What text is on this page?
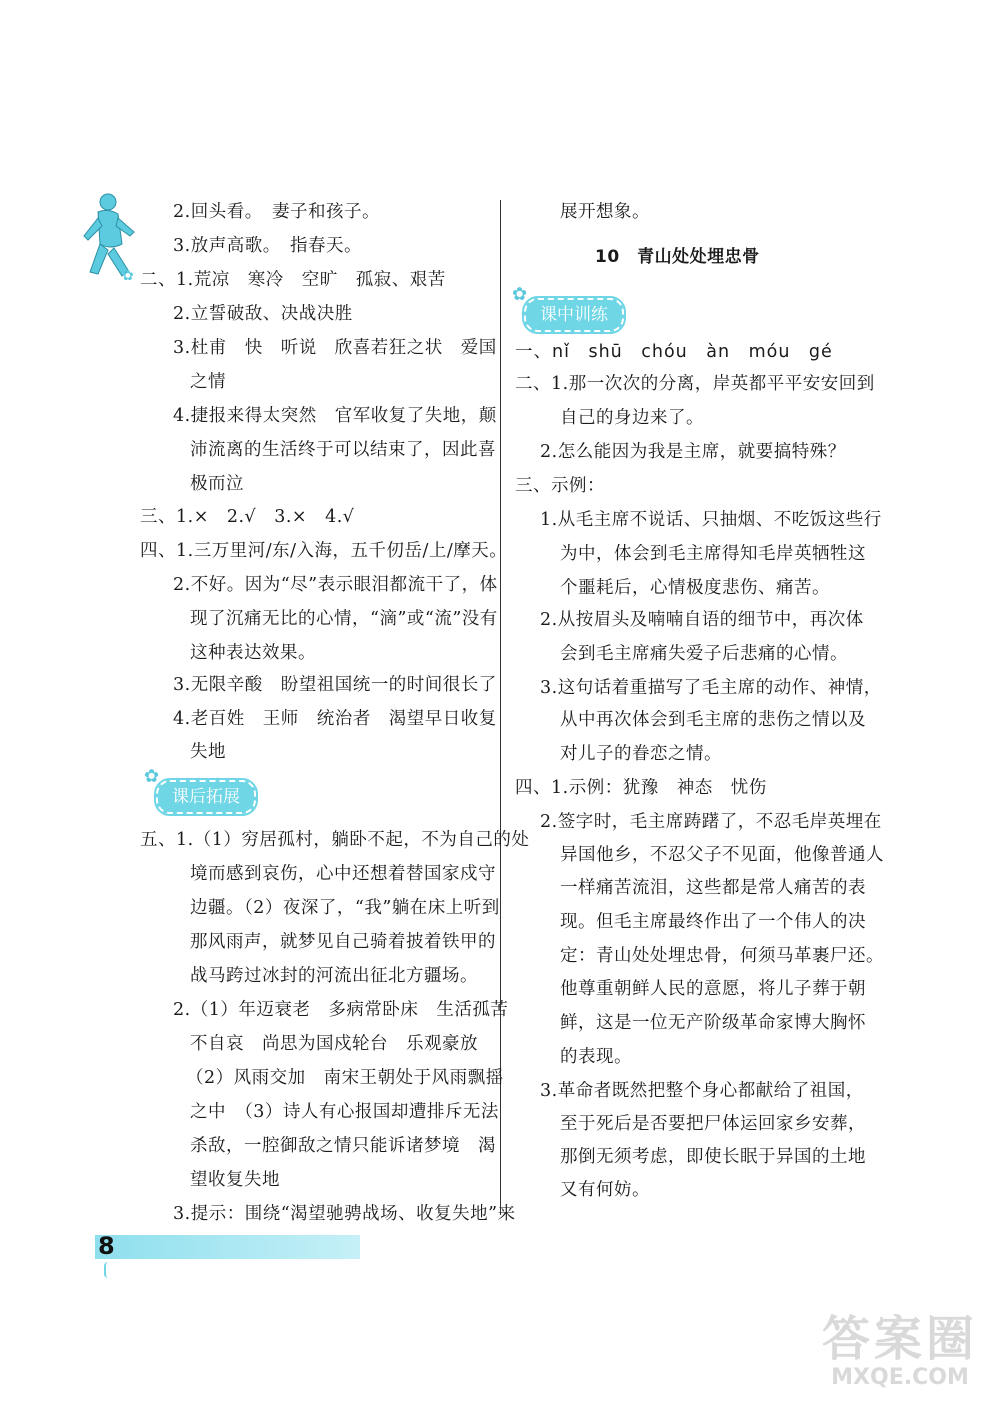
✿
2.回头看。　妻子和孩子。
3.放声高歌。　指春天。
二、1.荒凉　寒冷　空旷　孤寂、艰苦
2.立誓破敌、决战决胜
3.杜甫　快　听说　欣喜若狂之状　爱国
之情
4.捷报来得太突然　官军收复了失地，颠
沛流离的生活终于可以结束了，因此喜
极而泣
三、1.×　2.√　3.×　4.√
四、1.三万里河/东/入海，五千仞岳/上/摩天。
2.不好。因为“尽”表示眼泪都流干了，体
现了沉痛无比的心情，“滴”或“流”没有
这种表达效果。
3.无限辛酸　盼望祖国统一的时间很长了
4.老百姓　王师　统治者　渴望早日收复
失地
✿
课后拓展
五、1.（1）穷居孤村，躺卧不起，不为自己的处
境而感到哀伤，心中还想着替国家戍守
边疆。（2）夜深了，“我”躺在床上听到
那风雨声，就梦见自己骑着披着铁甲的
战马跨过冰封的河流出征北方疆场。
2.（1）年迈衰老　多病常卧床　生活孤苦
不自哀　尚思为国戍轮台　乐观豪放
（2）风雨交加　南宋王朝处于风雨飘摇
之中　（3）诗人有心报国却遭排斥无法
杀敌，一腔御敌之情只能诉诸梦境　渴
望收复失地
3.提示：围绕“渴望驰骋战场、收复失地”来
展开想象。
10　青山处处埋忠骨
✿
课中训练
一、nǐ　shū　chóu　àn　móu　gé
二、1.那一次次的分离，岸英都平平安安回到
自己的身边来了。
2.怎么能因为我是主席，就要搞特殊？
三、示例：
1.从毛主席不说话、只抽烟、不吃饭这些行
为中，体会到毛主席得知毛岸英牺牲这
个噩耗后，心情极度悲伤、痛苦。
2.从按眉头及喃喃自语的细节中，再次体
会到毛主席痛失爱子后悲痛的心情。
3.这句话着重描写了毛主席的动作、神情，
从中再次体会到毛主席的悲伤之情以及
对儿子的眷恋之情。
四、1.示例：犹豫　神态　忧伤
2.签字时，毛主席踌躇了，不忍毛岸英埋在
异国他乡，不忍父子不见面，他像普通人
一样痛苦流泪，这些都是常人痛苦的表
现。但毛主席最终作出了一个伟人的决
定：青山处处埋忠骨，何须马革裹尸还。
他尊重朝鲜人民的意愿，将儿子葬于朝
鲜，这是一位无产阶级革命家博大胸怀
的表现。
3.革命者既然把整个身心都献给了祖国，
至于死后是否要把尸体运回家乡安葬，
那倒无须考虑，即使长眠于异国的土地
又有何妨。
8
答案圈
MXQE.COM
